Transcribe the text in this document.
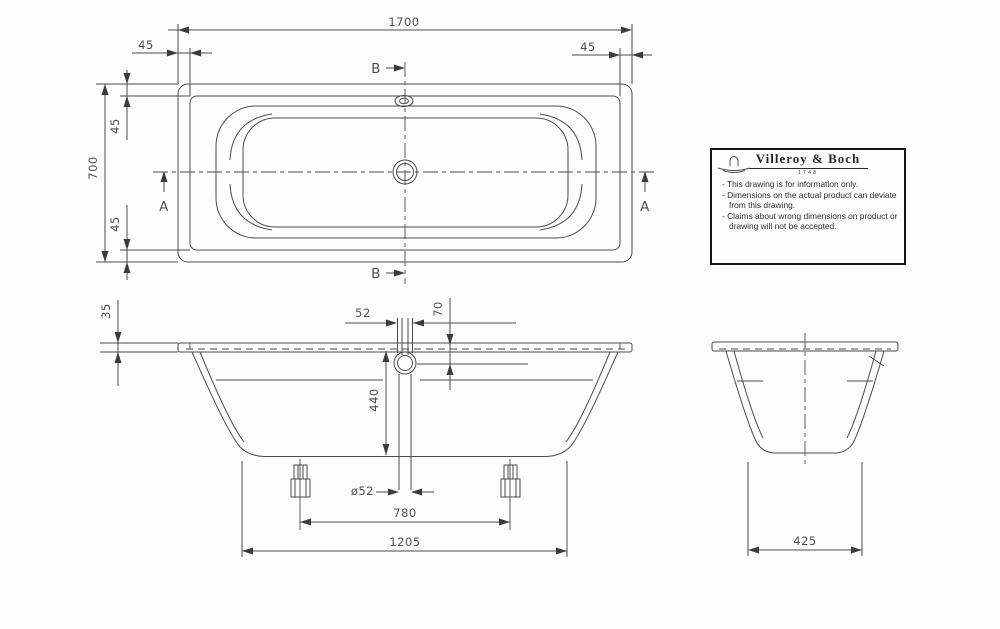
1700
45	45
700
45
45
B
B
A	A
35	52	70
440
ø52
780
1205	425
Villeroy & Boch
1748
- This drawing is for information only.
- Dimensions on the actual product can deviate from this drawing.
- Claims about wrong dimensions on product or drawing will not be accepted.
